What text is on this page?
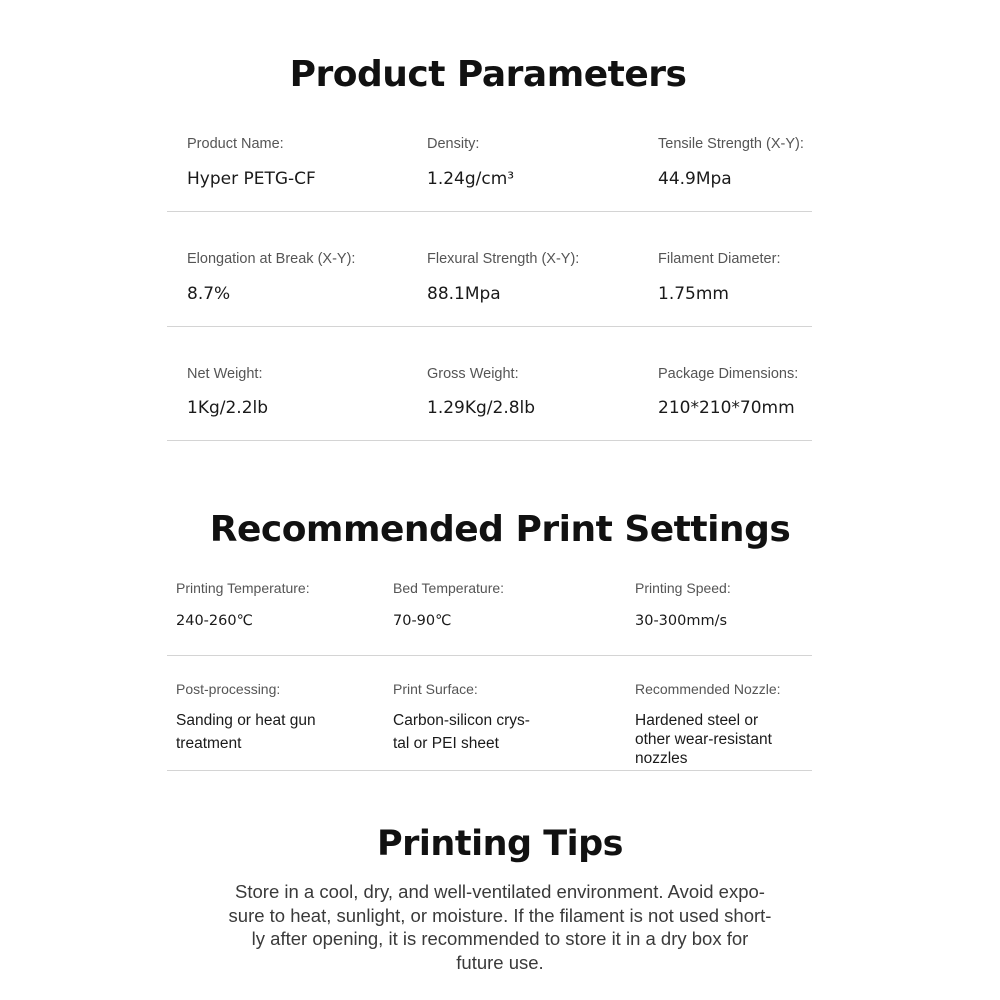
Product Parameters
Product Name:
Hyper PETG-CF
Density:
1.24g/cm³
Tensile Strength (X-Y):
44.9Mpa
Elongation at Break (X-Y):
8.7%
Flexural Strength (X-Y):
88.1Mpa
Filament Diameter:
1.75mm
Net Weight:
1Kg/2.2lb
Gross Weight:
1.29Kg/2.8lb
Package Dimensions:
210*210*70mm
Recommended Print Settings
Printing Temperature:
240-260℃
Bed Temperature:
70-90℃
Printing Speed:
30-300mm/s
Post-processing:
Sanding or heat gun
treatment
Print Surface:
Carbon-silicon crys-
tal or PEI sheet
Recommended Nozzle:
Hardened steel or
other wear-resistant
nozzles
Printing Tips
Store in a cool, dry, and well-ventilated environment. Avoid expo-
sure to heat, sunlight, or moisture. If the filament is not used short-
ly after opening, it is recommended to store it in a dry box for
future use.
